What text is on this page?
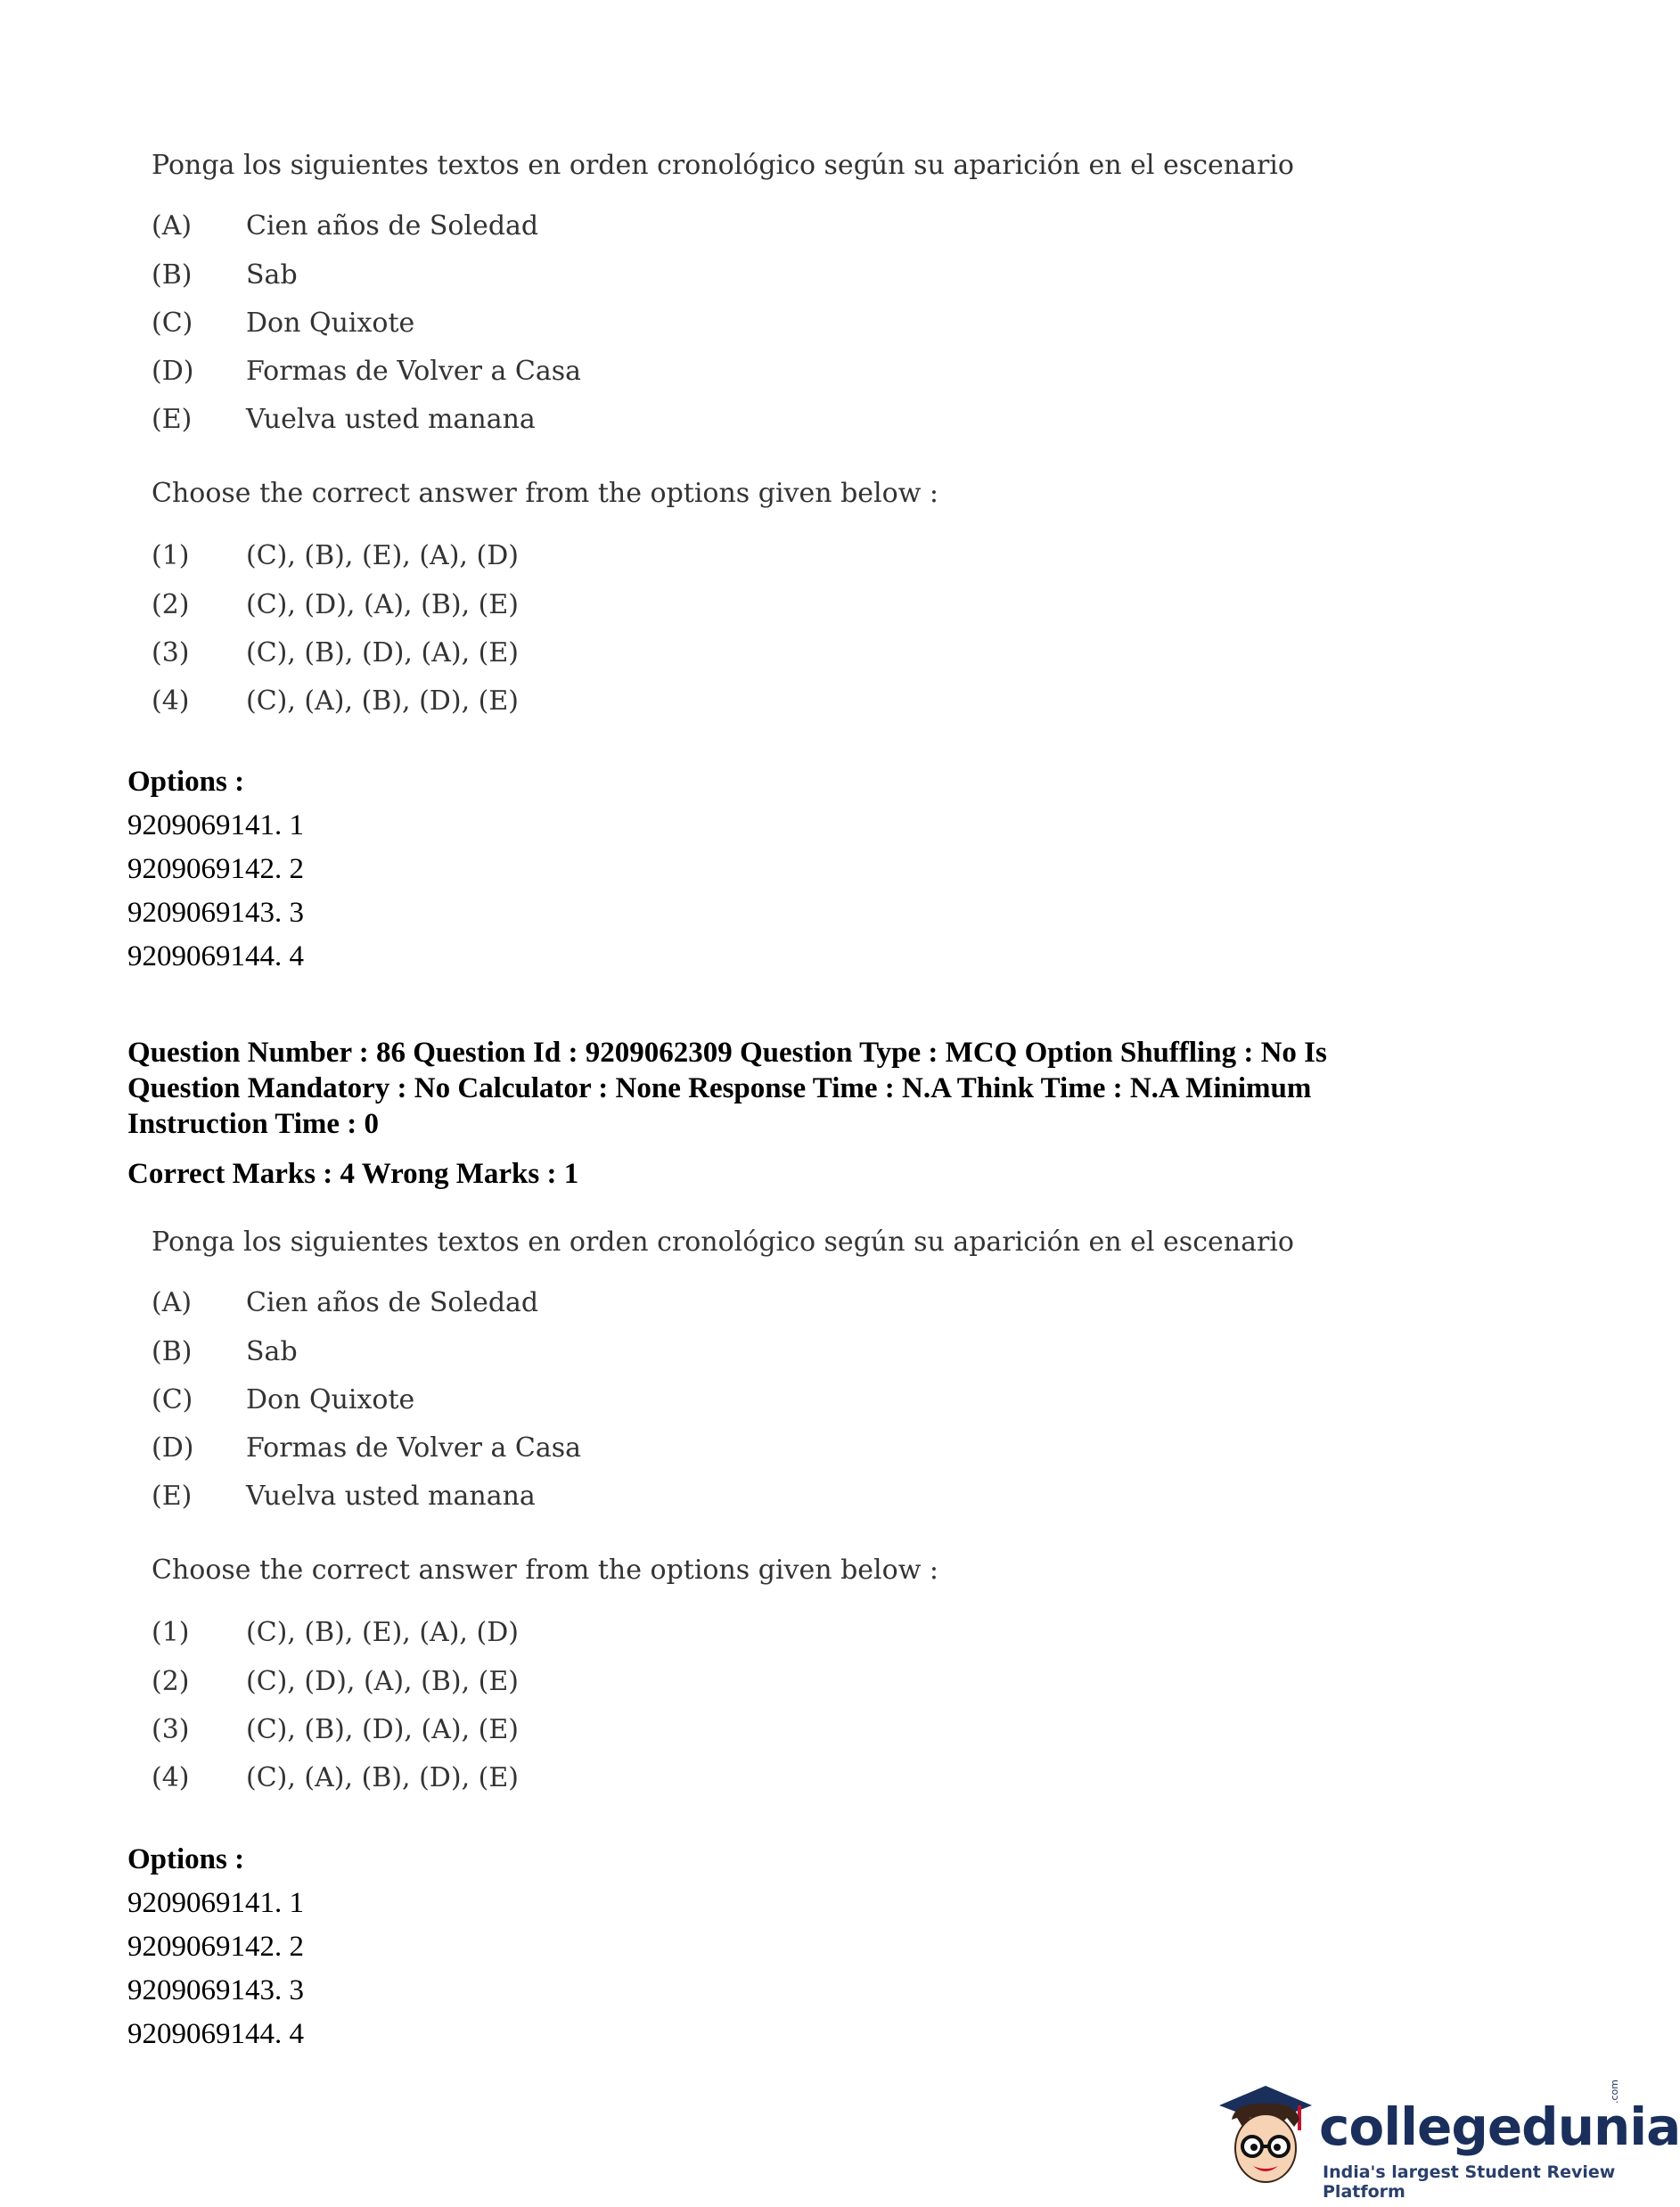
Ponga los siguientes textos en orden cronológico según su aparición en el escenario
(A)	Cien años de Soledad
(B)	Sab
(C)	Don Quixote
(D)	Formas de Volver a Casa
(E)	Vuelva usted manana
Choose the correct answer from the options given below :
(1)	(C), (B), (E), (A), (D)
(2)	(C), (D), (A), (B), (E)
(3)	(C), (B), (D), (A), (E)
(4)	(C), (A), (B), (D), (E)
Options :
9209069141. 1
9209069142. 2
9209069143. 3
9209069144. 4
Question Number : 86 Question Id : 9209062309 Question Type : MCQ Option Shuffling : No Is
Question Mandatory : No Calculator : None Response Time : N.A Think Time : N.A Minimum
Instruction Time : 0
Correct Marks : 4 Wrong Marks : 1
Ponga los siguientes textos en orden cronológico según su aparición en el escenario
(A)	Cien años de Soledad
(B)	Sab
(C)	Don Quixote
(D)	Formas de Volver a Casa
(E)	Vuelva usted manana
Choose the correct answer from the options given below :
(1)	(C), (B), (E), (A), (D)
(2)	(C), (D), (A), (B), (E)
(3)	(C), (B), (D), (A), (E)
(4)	(C), (A), (B), (D), (E)
Options :
9209069141. 1
9209069142. 2
9209069143. 3
9209069144. 4
collegedunia
.com
India's largest Student Review Platform
